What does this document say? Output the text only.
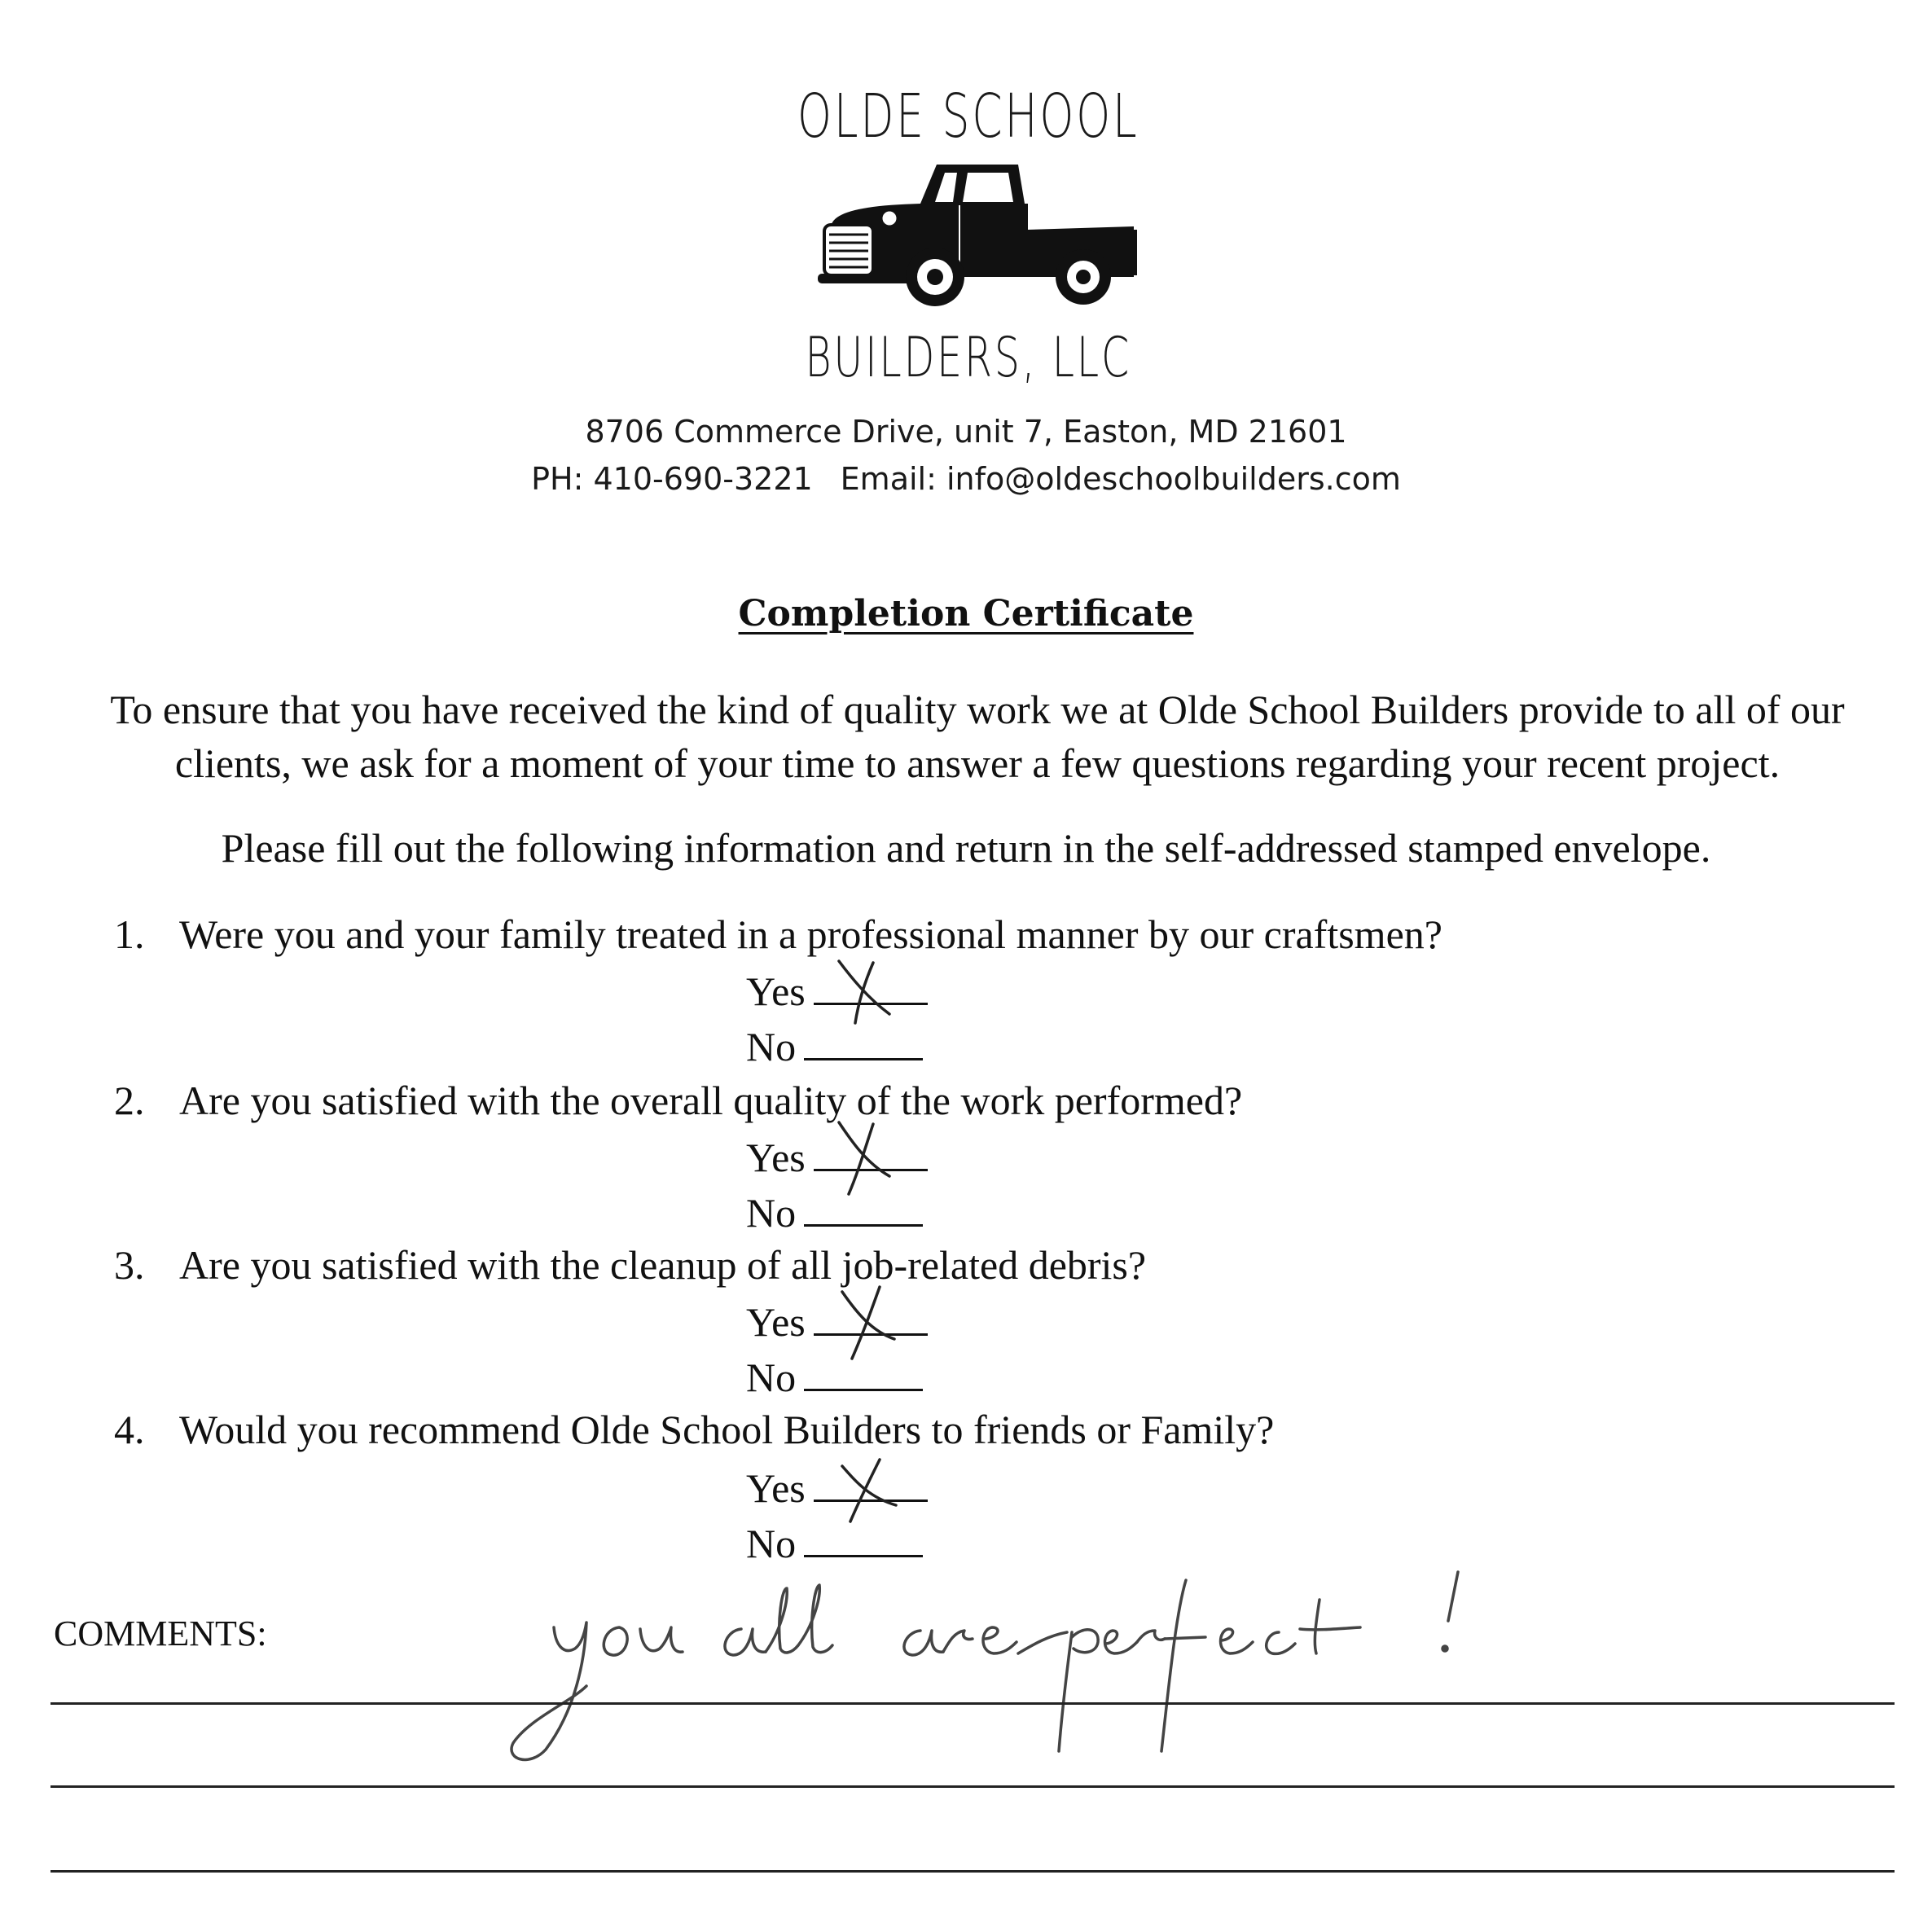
OLDE SCHOOL
BUILDERS, LLC
8706 Commerce Drive, unit 7, Easton, MD 21601
PH: 410-690-3221 Email: info@oldeschoolbuilders.com
Completion Certificate
To ensure that you have received the kind of quality work we at Olde School Builders provide to all of our
clients, we ask for a moment of your time to answer a few questions regarding your recent project.
Please fill out the following information and return in the self-addressed stamped envelope.
1. Were you and your family treated in a professional manner by our craftsmen?
Yes
No
2. Are you satisfied with the overall quality of the work performed?
Yes
No
3. Are you satisfied with the cleanup of all job-related debris?
Yes
No
4. Would you recommend Olde School Builders to friends or Family?
Yes
No
COMMENTS:
